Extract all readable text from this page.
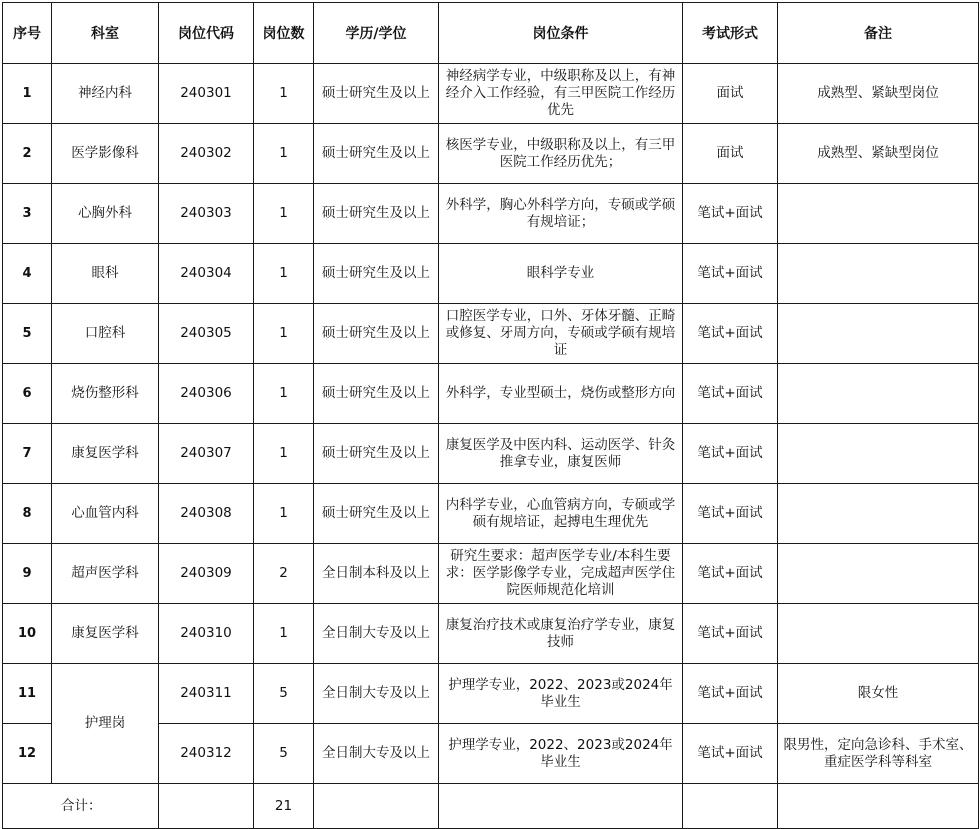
序号	科室	岗位代码	岗位数	学历/学位	岗位条件	考试形式	备注
1	神经内科	240301	1	硕士研究生及以上	神经病学专业，中级职称及以上，有神经介入工作经验，有三甲医院工作经历优先	面试	成熟型、紧缺型岗位
2	医学影像科	240302	1	硕士研究生及以上	核医学专业，中级职称及以上，有三甲医院工作经历优先；	面试	成熟型、紧缺型岗位
3	心胸外科	240303	1	硕士研究生及以上	外科学，胸心外科学方向，专硕或学硕有规培证；	笔试+面试	
4	眼科	240304	1	硕士研究生及以上	眼科学专业	笔试+面试	
5	口腔科	240305	1	硕士研究生及以上	口腔医学专业，口外、牙体牙髓、正畸或修复、牙周方向，专硕或学硕有规培证	笔试+面试	
6	烧伤整形科	240306	1	硕士研究生及以上	外科学，专业型硕士，烧伤或整形方向	笔试+面试	
7	康复医学科	240307	1	硕士研究生及以上	康复医学及中医内科、运动医学、针灸推拿专业，康复医师	笔试+面试	
8	心血管内科	240308	1	硕士研究生及以上	内科学专业，心血管病方向，专硕或学硕有规培证，起搏电生理优先	笔试+面试	
9	超声医学科	240309	2	全日制本科及以上	研究生要求：超声医学专业/本科生要求：医学影像学专业，完成超声医学住院医师规范化培训	笔试+面试	
10	康复医学科	240310	1	全日制大专及以上	康复治疗技术或康复治疗学专业，康复技师	笔试+面试	
11	护理岗	240311	5	全日制大专及以上	护理学专业，2022、2023或2024年毕业生	笔试+面试	限女性
12		240312	5	全日制大专及以上	护理学专业，2022、2023或2024年毕业生	笔试+面试	限男性，定向急诊科、手术室、重症医学科等科室
合计：			21				
